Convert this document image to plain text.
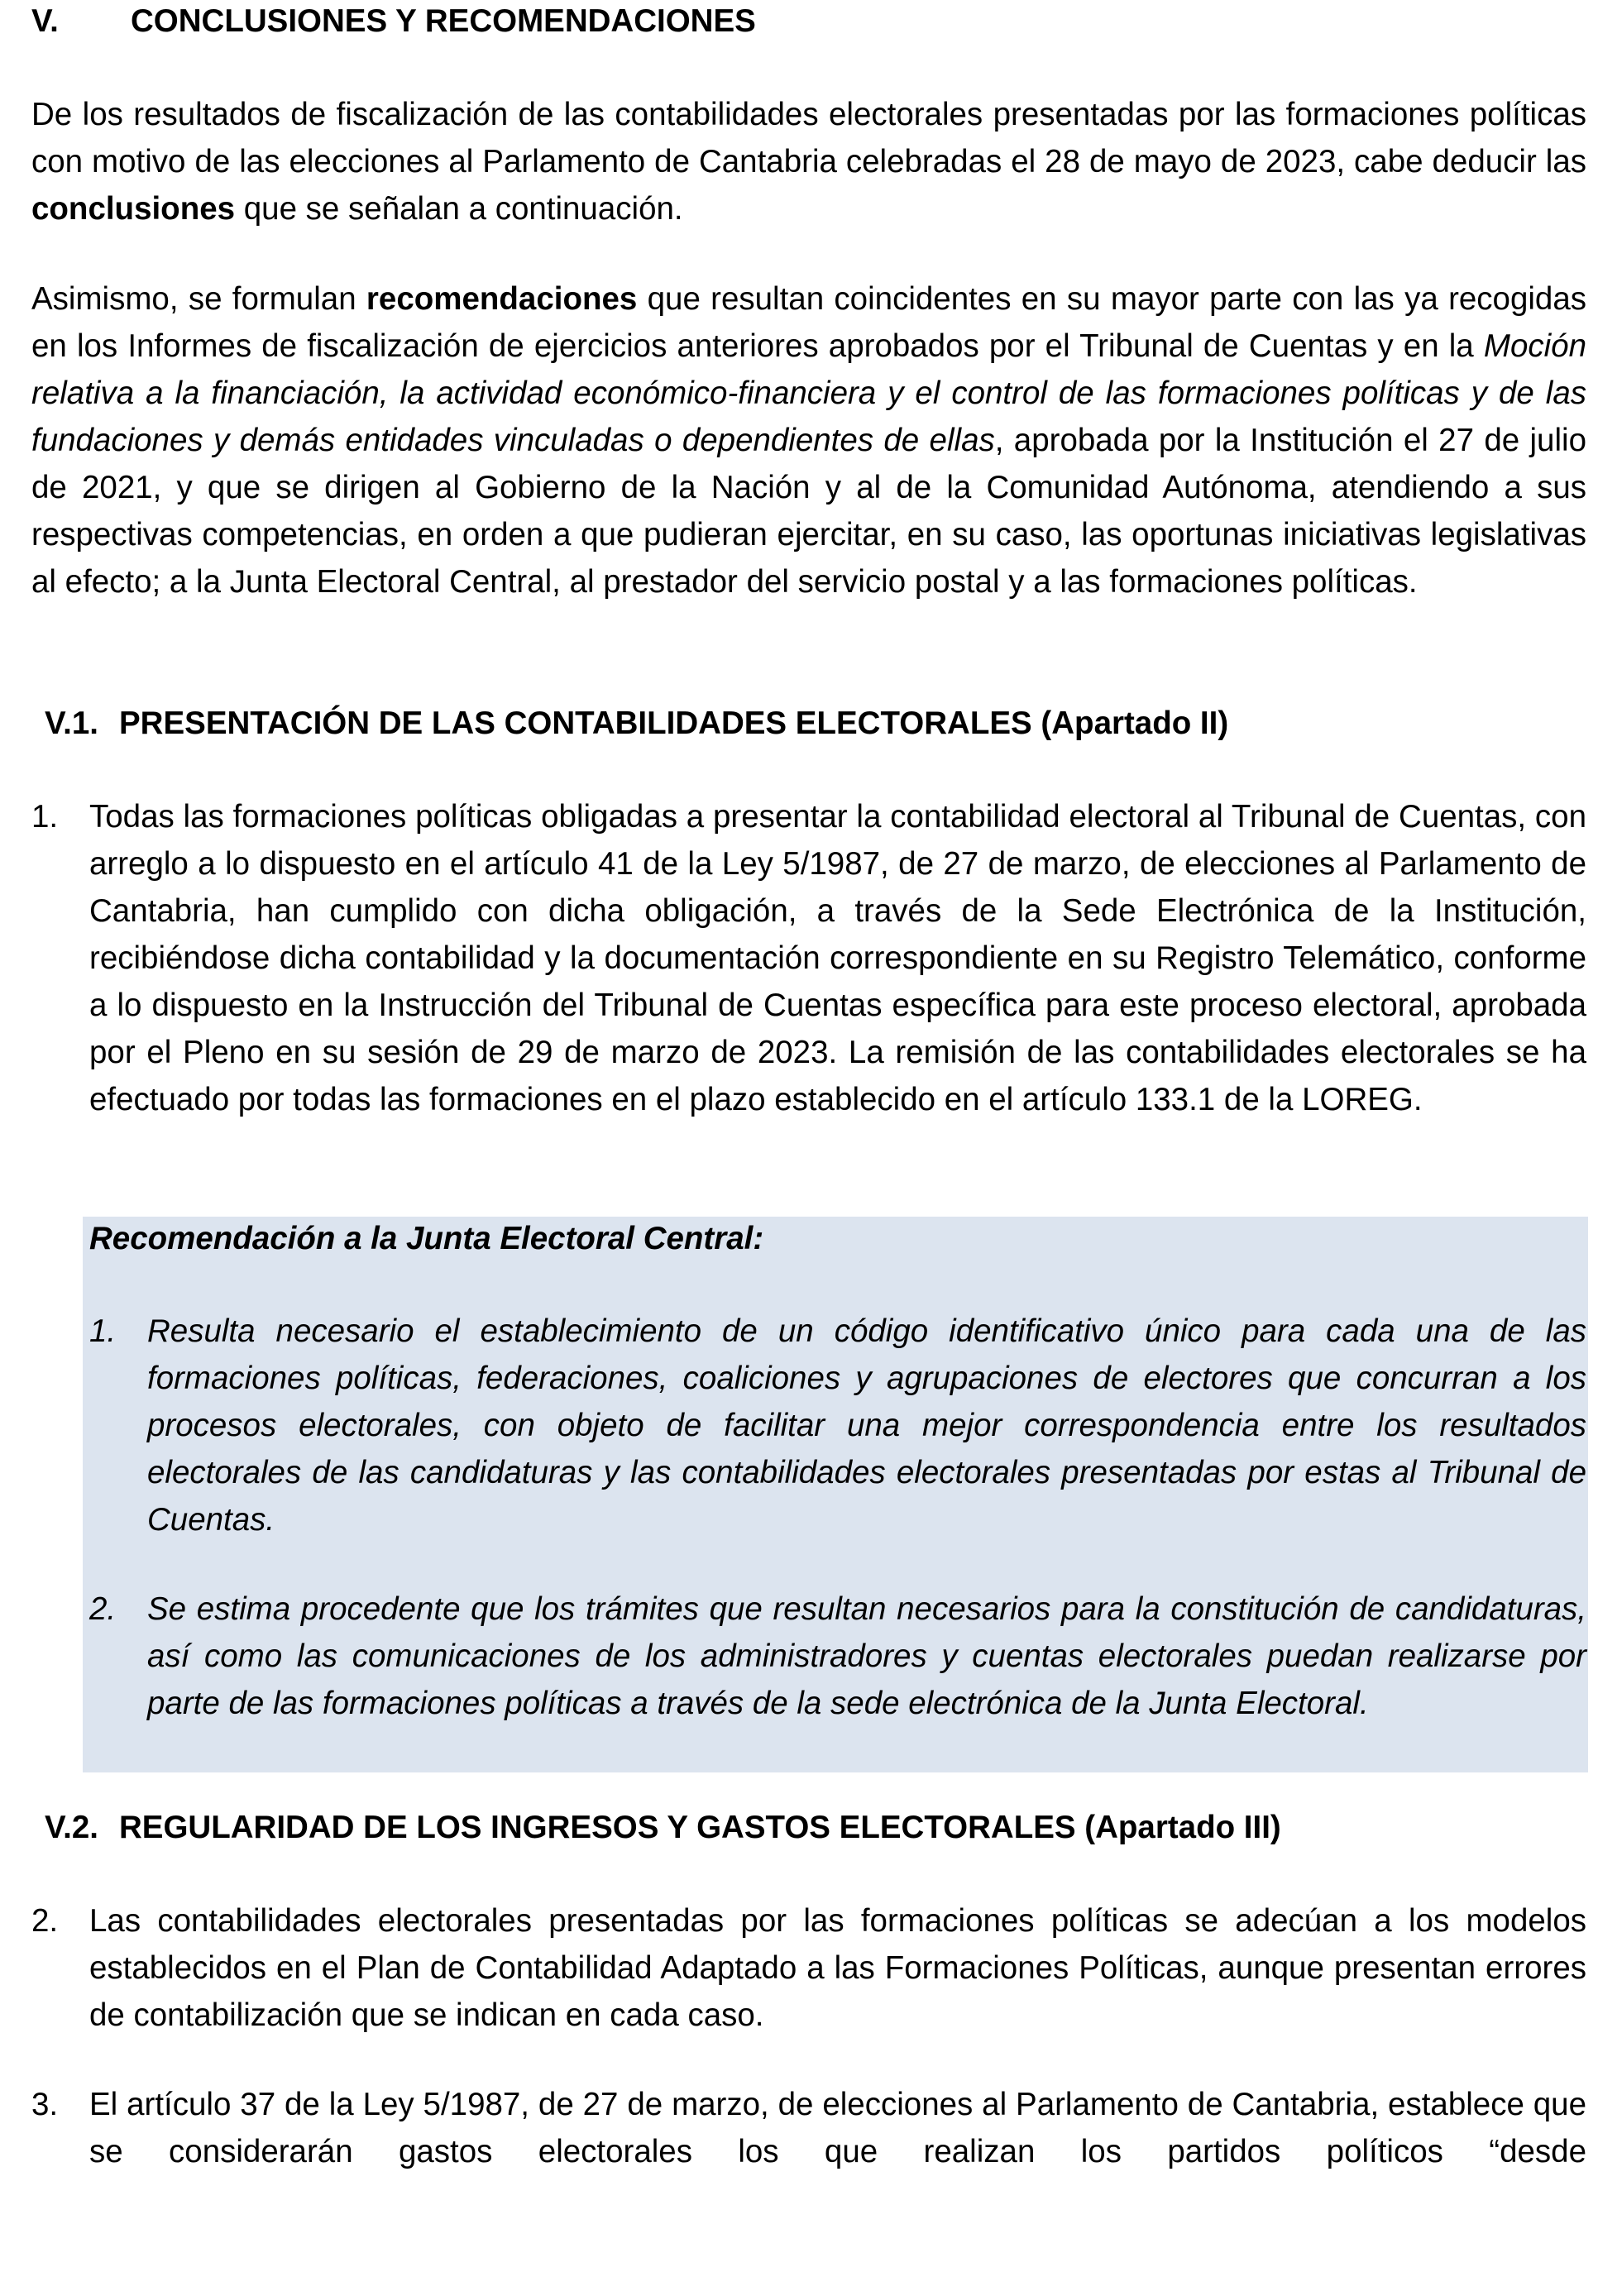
V. CONCLUSIONES Y RECOMENDACIONES
De los resultados de fiscalización de las contabilidades electorales presentadas por las formaciones políticas con motivo de las elecciones al Parlamento de Cantabria celebradas el 28 de mayo de 2023, cabe deducir las conclusiones que se señalan a continuación.
Asimismo, se formulan recomendaciones que resultan coincidentes en su mayor parte con las ya recogidas en los Informes de fiscalización de ejercicios anteriores aprobados por el Tribunal de Cuentas y en la Moción relativa a la financiación, la actividad económico-financiera y el control de las formaciones políticas y de las fundaciones y demás entidades vinculadas o dependientes de ellas, aprobada por la Institución el 27 de julio de 2021, y que se dirigen al Gobierno de la Nación y al de la Comunidad Autónoma, atendiendo a sus respectivas competencias, en orden a que pudieran ejercitar, en su caso, las oportunas iniciativas legislativas al efecto; a la Junta Electoral Central, al prestador del servicio postal y a las formaciones políticas.
V.1. PRESENTACIÓN DE LAS CONTABILIDADES ELECTORALES (Apartado II)
1. Todas las formaciones políticas obligadas a presentar la contabilidad electoral al Tribunal de Cuentas, con arreglo a lo dispuesto en el artículo 41 de la Ley 5/1987, de 27 de marzo, de elecciones al Parlamento de Cantabria, han cumplido con dicha obligación, a través de la Sede Electrónica de la Institución, recibiéndose dicha contabilidad y la documentación correspondiente en su Registro Telemático, conforme a lo dispuesto en la Instrucción del Tribunal de Cuentas específica para este proceso electoral, aprobada por el Pleno en su sesión de 29 de marzo de 2023. La remisión de las contabilidades electorales se ha efectuado por todas las formaciones en el plazo establecido en el artículo 133.1 de la LOREG.
Recomendación a la Junta Electoral Central:
1. Resulta necesario el establecimiento de un código identificativo único para cada una de las formaciones políticas, federaciones, coaliciones y agrupaciones de electores que concurran a los procesos electorales, con objeto de facilitar una mejor correspondencia entre los resultados electorales de las candidaturas y las contabilidades electorales presentadas por estas al Tribunal de Cuentas.
2. Se estima procedente que los trámites que resultan necesarios para la constitución de candidaturas, así como las comunicaciones de los administradores y cuentas electorales puedan realizarse por parte de las formaciones políticas a través de la sede electrónica de la Junta Electoral.
V.2. REGULARIDAD DE LOS INGRESOS Y GASTOS ELECTORALES (Apartado III)
2. Las contabilidades electorales presentadas por las formaciones políticas se adecúan a los modelos establecidos en el Plan de Contabilidad Adaptado a las Formaciones Políticas, aunque presentan errores de contabilización que se indican en cada caso.
3. El artículo 37 de la Ley 5/1987, de 27 de marzo, de elecciones al Parlamento de Cantabria, establece que se considerarán gastos electorales los que realizan los partidos políticos “desde
